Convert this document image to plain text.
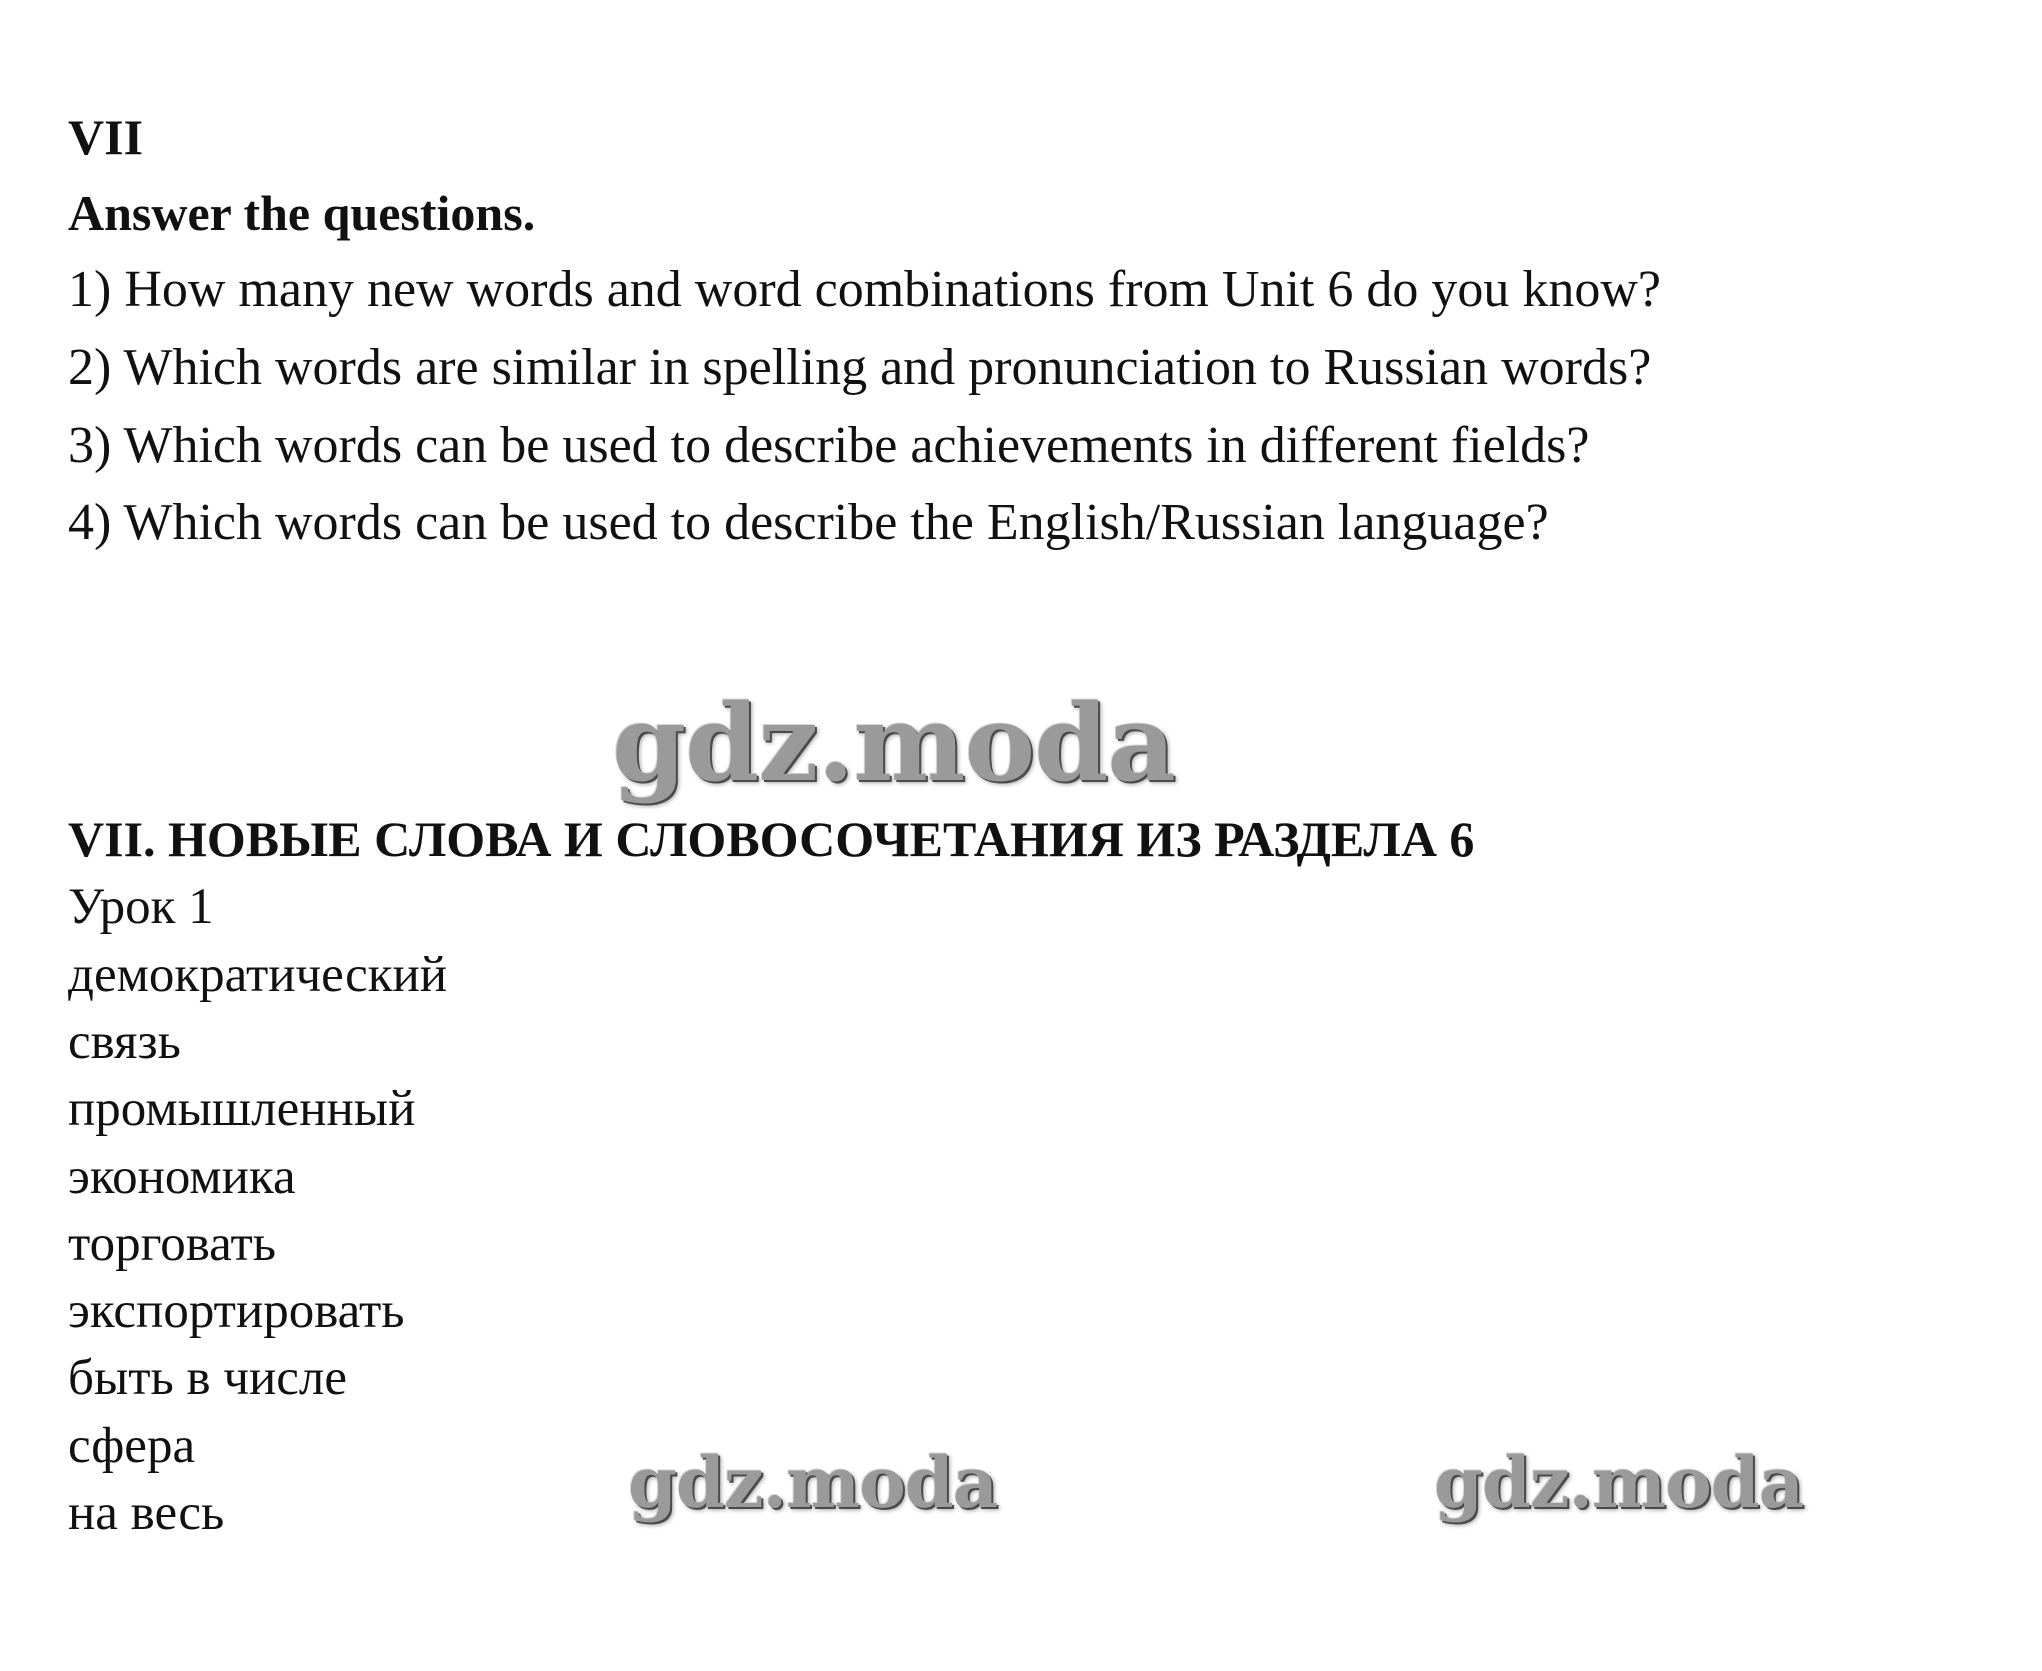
VII
Answer the questions.
1) How many new words and word combinations from Unit 6 do you know?
2) Which words are similar in spelling and pronunciation to Russian words?
3) Which words can be used to describe achievements in different fields?
4) Which words can be used to describe the English/Russian language?
gdz.moda
VII. НОВЫЕ СЛОВА И СЛОВОСОЧЕТАНИЯ ИЗ РАЗДЕЛА 6
Урок 1
демократический
связь
промышленный
экономика
торговать
экспортировать
быть в числе
сфера
на весь	gdz.moda	gdz.moda
